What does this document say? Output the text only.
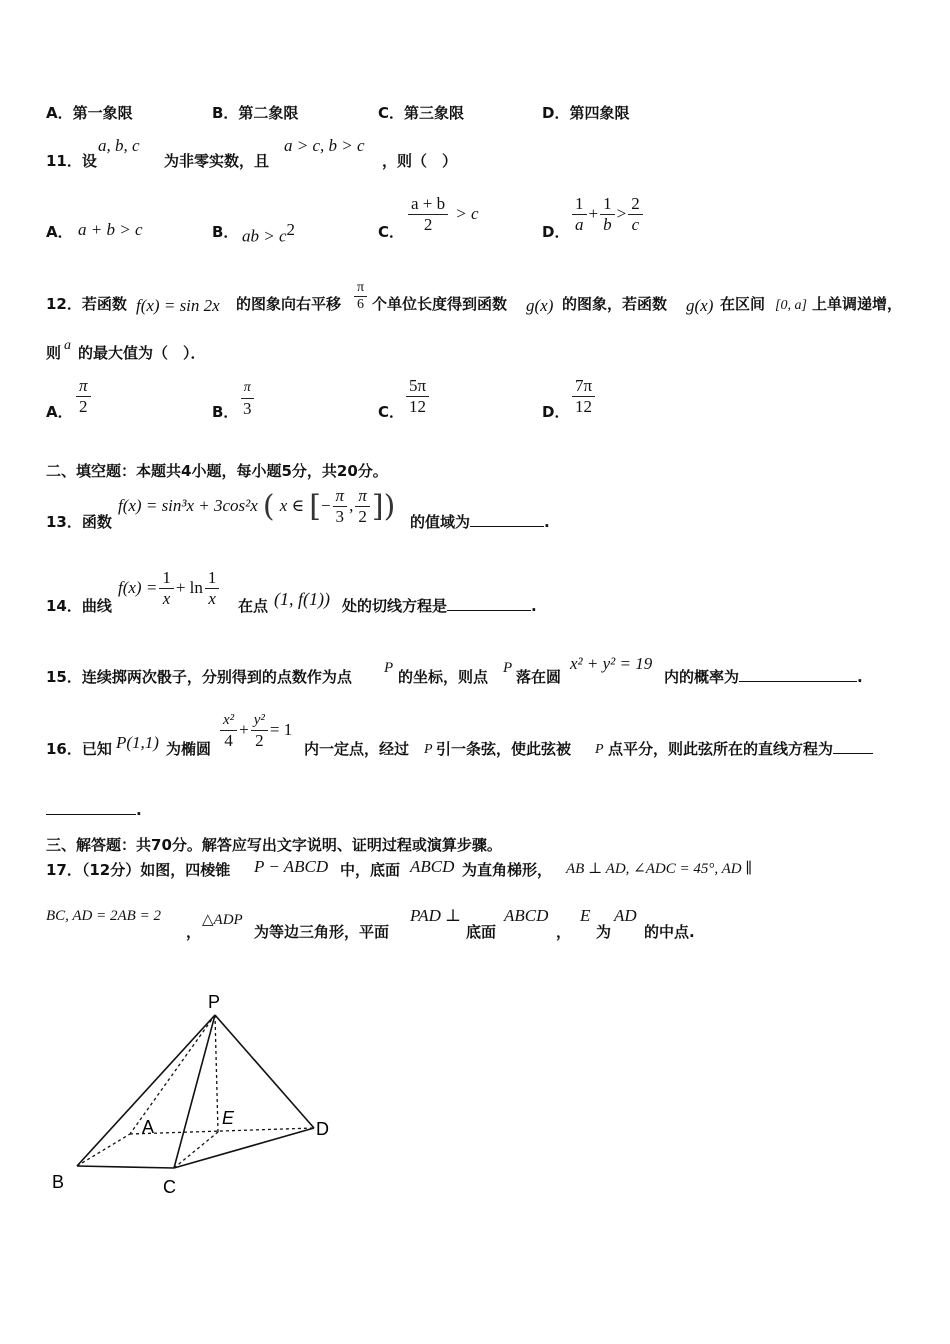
A．第一象限	B．第二象限	C．第三象限	D．第四象限
11．设
a, b, c
为非零实数，且
a > c, b > c
，则（　）
A． a + b > c	B． ab > $c^2$	C． $\frac{a + b}{2} > c$
D． $\frac{1}{a} + \frac{1}{b} > \frac{2}{c}$
12．若函数 f(x) = sin 2x 的图象向右平移 $\frac{\pi}{6}$ 个单位长度得到函数 g(x) 的图象，若函数 g(x) 在区间 [0, a] 上单调递增，
则 a 的最大值为（　）．
A． $\frac{\pi}{2}$	B． $\frac{\pi}{3}$	C． $\frac{5\pi}{12}$	D． $\frac{7\pi}{12}$
二、填空题：本题共4小题，每小题5分，共20分。
13．函数
f(x) = sin³x + 3cos²x ( x ∈ [− $\frac{\pi}{3}$ , $\frac{\pi}{2}$ ]) 的值域为	.
14．曲线
$f(x) = \frac{1}{x} + \ln \frac{1}{x}$ 在点 (1, f(1)) 处的切线方程是	.
15．连续掷两次骰子，分别得到的点数作为点 P 的坐标，则点 P 落在圆
x² + y² = 19
内的概率为	.
16．已知 P(1,1) 为椭圆 $\frac{\text{x²}}{4} + \frac{\text{y²}}{2} = 1$
内一定点，经过 P 引一条弦，使此弦被 P 点平分，则此弦所在的直线方程为
.
三、解答题：共70分。解答应写出文字说明、证明过程或演算步骤。
17．（12分）如图，四棱锥 P − ABCD 中，底面 ABCD 为直角梯形， AB ⊥ AD, ∠ADC = 45°, AD ∥
BC, AD = 2AB = 2
，
△ADP
为等边三角形，平面
PAD ⊥
底面
ABCD
，
E
为
AD
的中点.
P
A	E
D
B	C
